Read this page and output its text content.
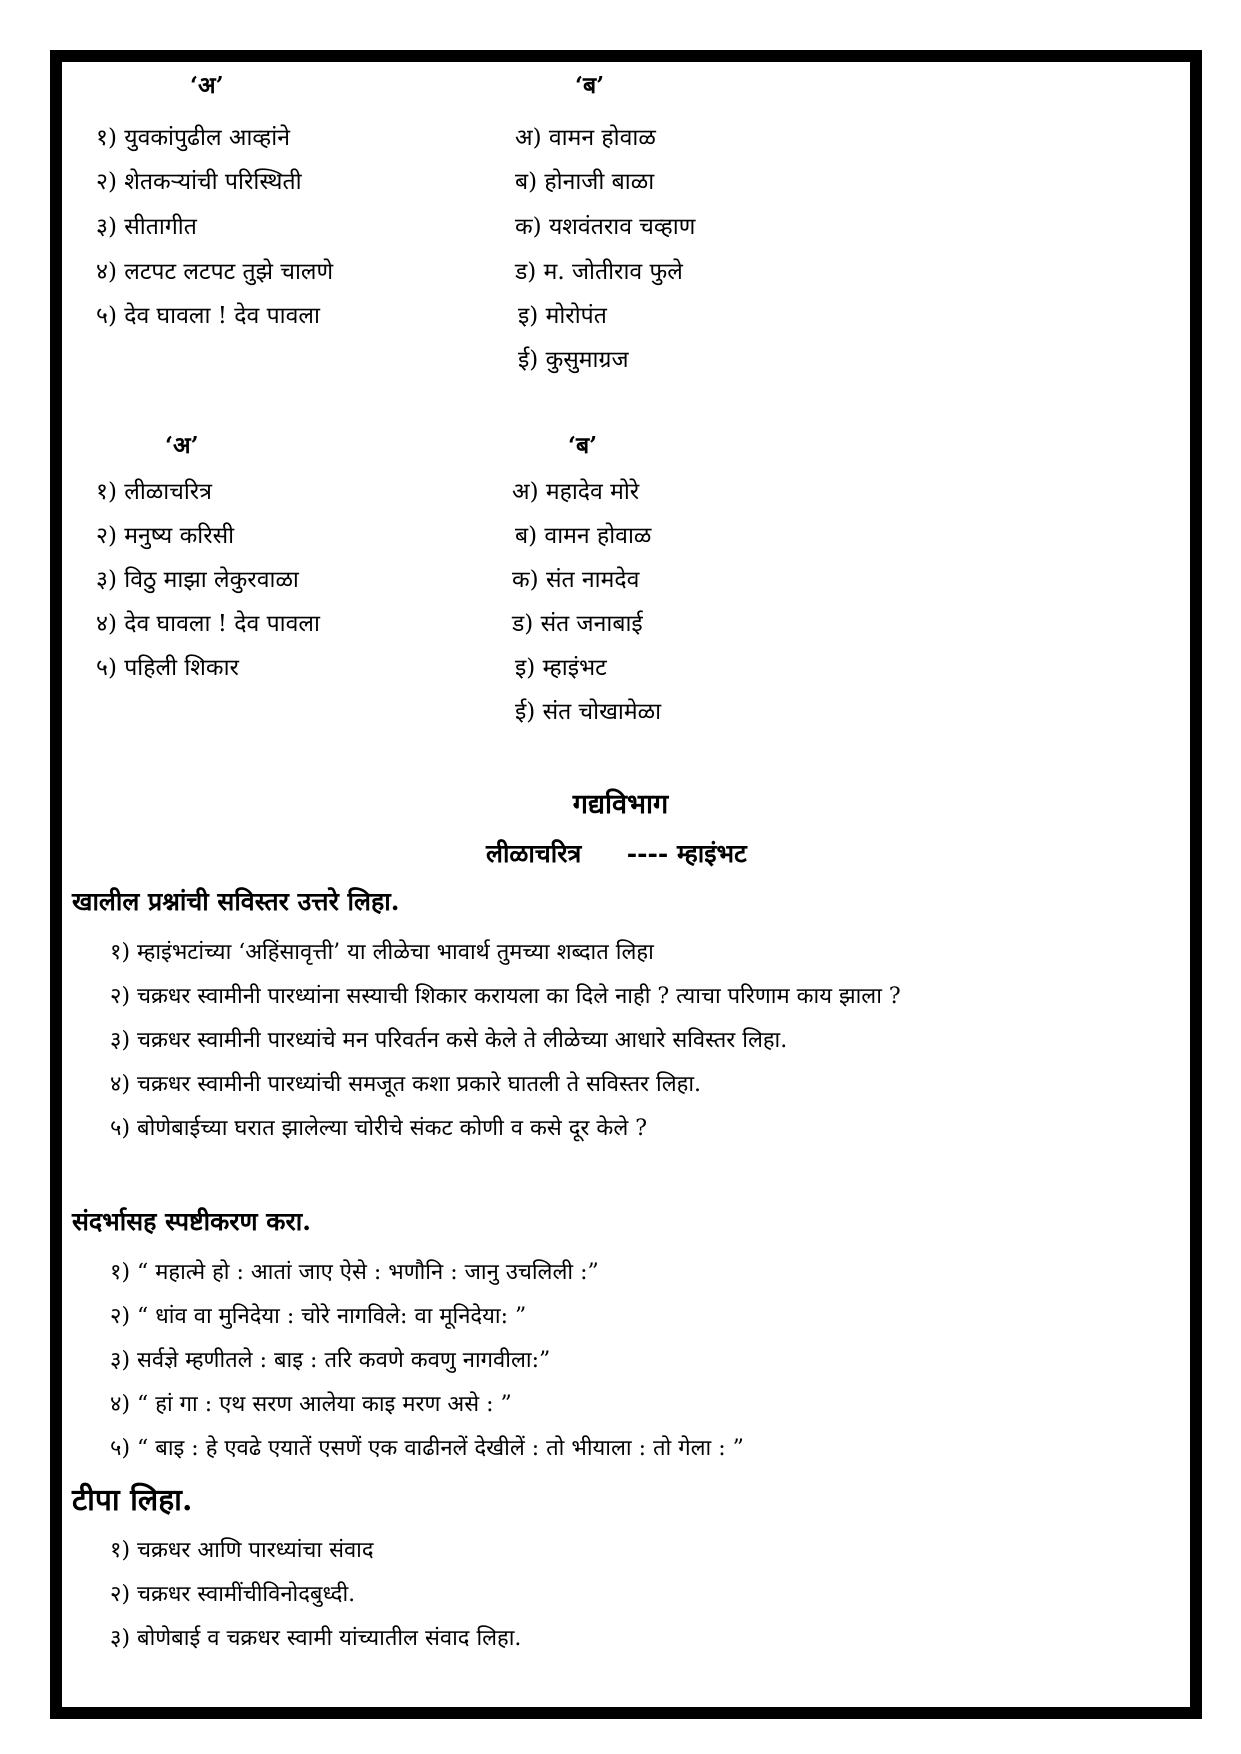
‘अ’	‘ब’
१) युवकांपुढील आव्हांने
२) शेतकऱ्यांची परिस्थिती
३) सीतागीत
४) लटपट लटपट तुझे चालणे
५) देव घावला ! देव पावला
अ) वामन होवाळ
ब) होनाजी बाळा
क) यशवंतराव चव्हाण
ड) म. जोतीराव फुले
इ) मोरोपंत
ई) कुसुमाग्रज
‘अ’	‘ब’
१) लीळाचरित्र
२) मनुष्य करिसी
३) विठु माझा लेकुरवाळा
४) देव घावला ! देव पावला
५) पहिली शिकार
अ) महादेव मोरे
ब) वामन होवाळ
क) संत नामदेव
ड) संत जनाबाई
इ) म्हाइंभट
ई) संत चोखामेळा
गद्यविभाग
लीळाचरित्र ---- म्हाइंभट
खालील प्रश्नांची सविस्तर उत्तरे लिहा.
१) म्हाइंभटांच्या ‘अहिंसावृत्ती’ या लीळेचा भावार्थ तुमच्या शब्दात लिहा
२) चक्रधर स्वामीनी पारध्यांना सस्याची शिकार करायला का दिले नाही ? त्याचा परिणाम काय झाला ?
३) चक्रधर स्वामीनी पारध्यांचे मन परिवर्तन कसे केले ते लीळेच्या आधारे सविस्तर लिहा.
४) चक्रधर स्वामीनी पारध्यांची समजूत कशा प्रकारे घातली ते सविस्तर लिहा.
५) बोणेबाईच्या घरात झालेल्या चोरीचे संकट कोणी व कसे दूर केले ?
संदर्भासह स्पष्टीकरण करा.
१) “ महात्मे हो : आतां जाए ऐसे : भणौनि : जानु उचलिली :”
२) “ धांव वा मुनिदेया : चोरे नागविले: वा मूनिदेया: ”
३) सर्वज्ञे म्हणीतले : बाइ : तरि कवणे कवणु नागवीला:”
४) “ हां गा : एथ सरण आलेया काइ मरण असे : ”
५) “ बाइ : हे एवढे एयातें एसणें एक वाढीनलें देखीलें : तो भीयाला : तो गेला : ”
टीपा लिहा.
१) चक्रधर आणि पारध्यांचा संवाद
२) चक्रधर स्वामींचीविनोदबुध्दी.
३) बोणेबाई व चक्रधर स्वामी यांच्यातील संवाद लिहा.
